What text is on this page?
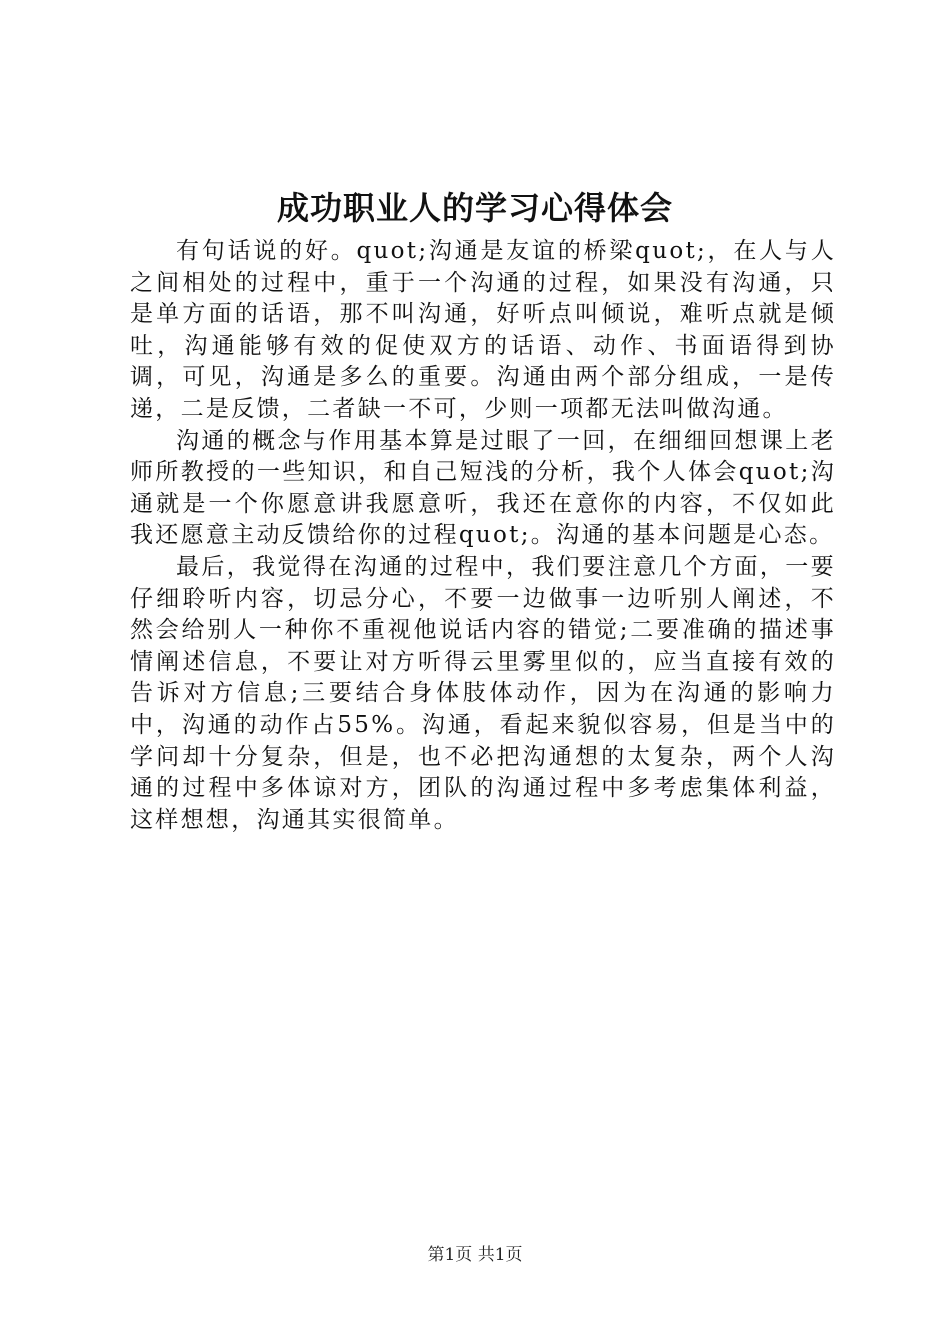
成功职业人的学习心得体会

有句话说的好。quot;沟通是友谊的桥梁quot;，在人与人之间相处的过程中，重于一个沟通的过程，如果没有沟通，只是单方面的话语，那不叫沟通，好听点叫倾说，难听点就是倾吐，沟通能够有效的促使双方的话语、动作、书面语得到协调，可见，沟通是多么的重要。沟通由两个部分组成，一是传递，二是反馈，二者缺一不可，少则一项都无法叫做沟通。

沟通的概念与作用基本算是过眼了一回，在细细回想课上老师所教授的一些知识，和自己短浅的分析，我个人体会quot;沟通就是一个你愿意讲我愿意听，我还在意你的内容，不仅如此我还愿意主动反馈给你的过程quot;。沟通的基本问题是心态。

最后，我觉得在沟通的过程中，我们要注意几个方面，一要仔细聆听内容，切忌分心，不要一边做事一边听别人阐述，不然会给别人一种你不重视他说话内容的错觉;二要准确的描述事情阐述信息，不要让对方听得云里雾里似的，应当直接有效的告诉对方信息;三要结合身体肢体动作，因为在沟通的影响力中，沟通的动作占55%。沟通，看起来貌似容易，但是当中的学问却十分复杂，但是，也不必把沟通想的太复杂，两个人沟通的过程中多体谅对方，团队的沟通过程中多考虑集体利益，这样想想，沟通其实很简单。

第1页 共1页
